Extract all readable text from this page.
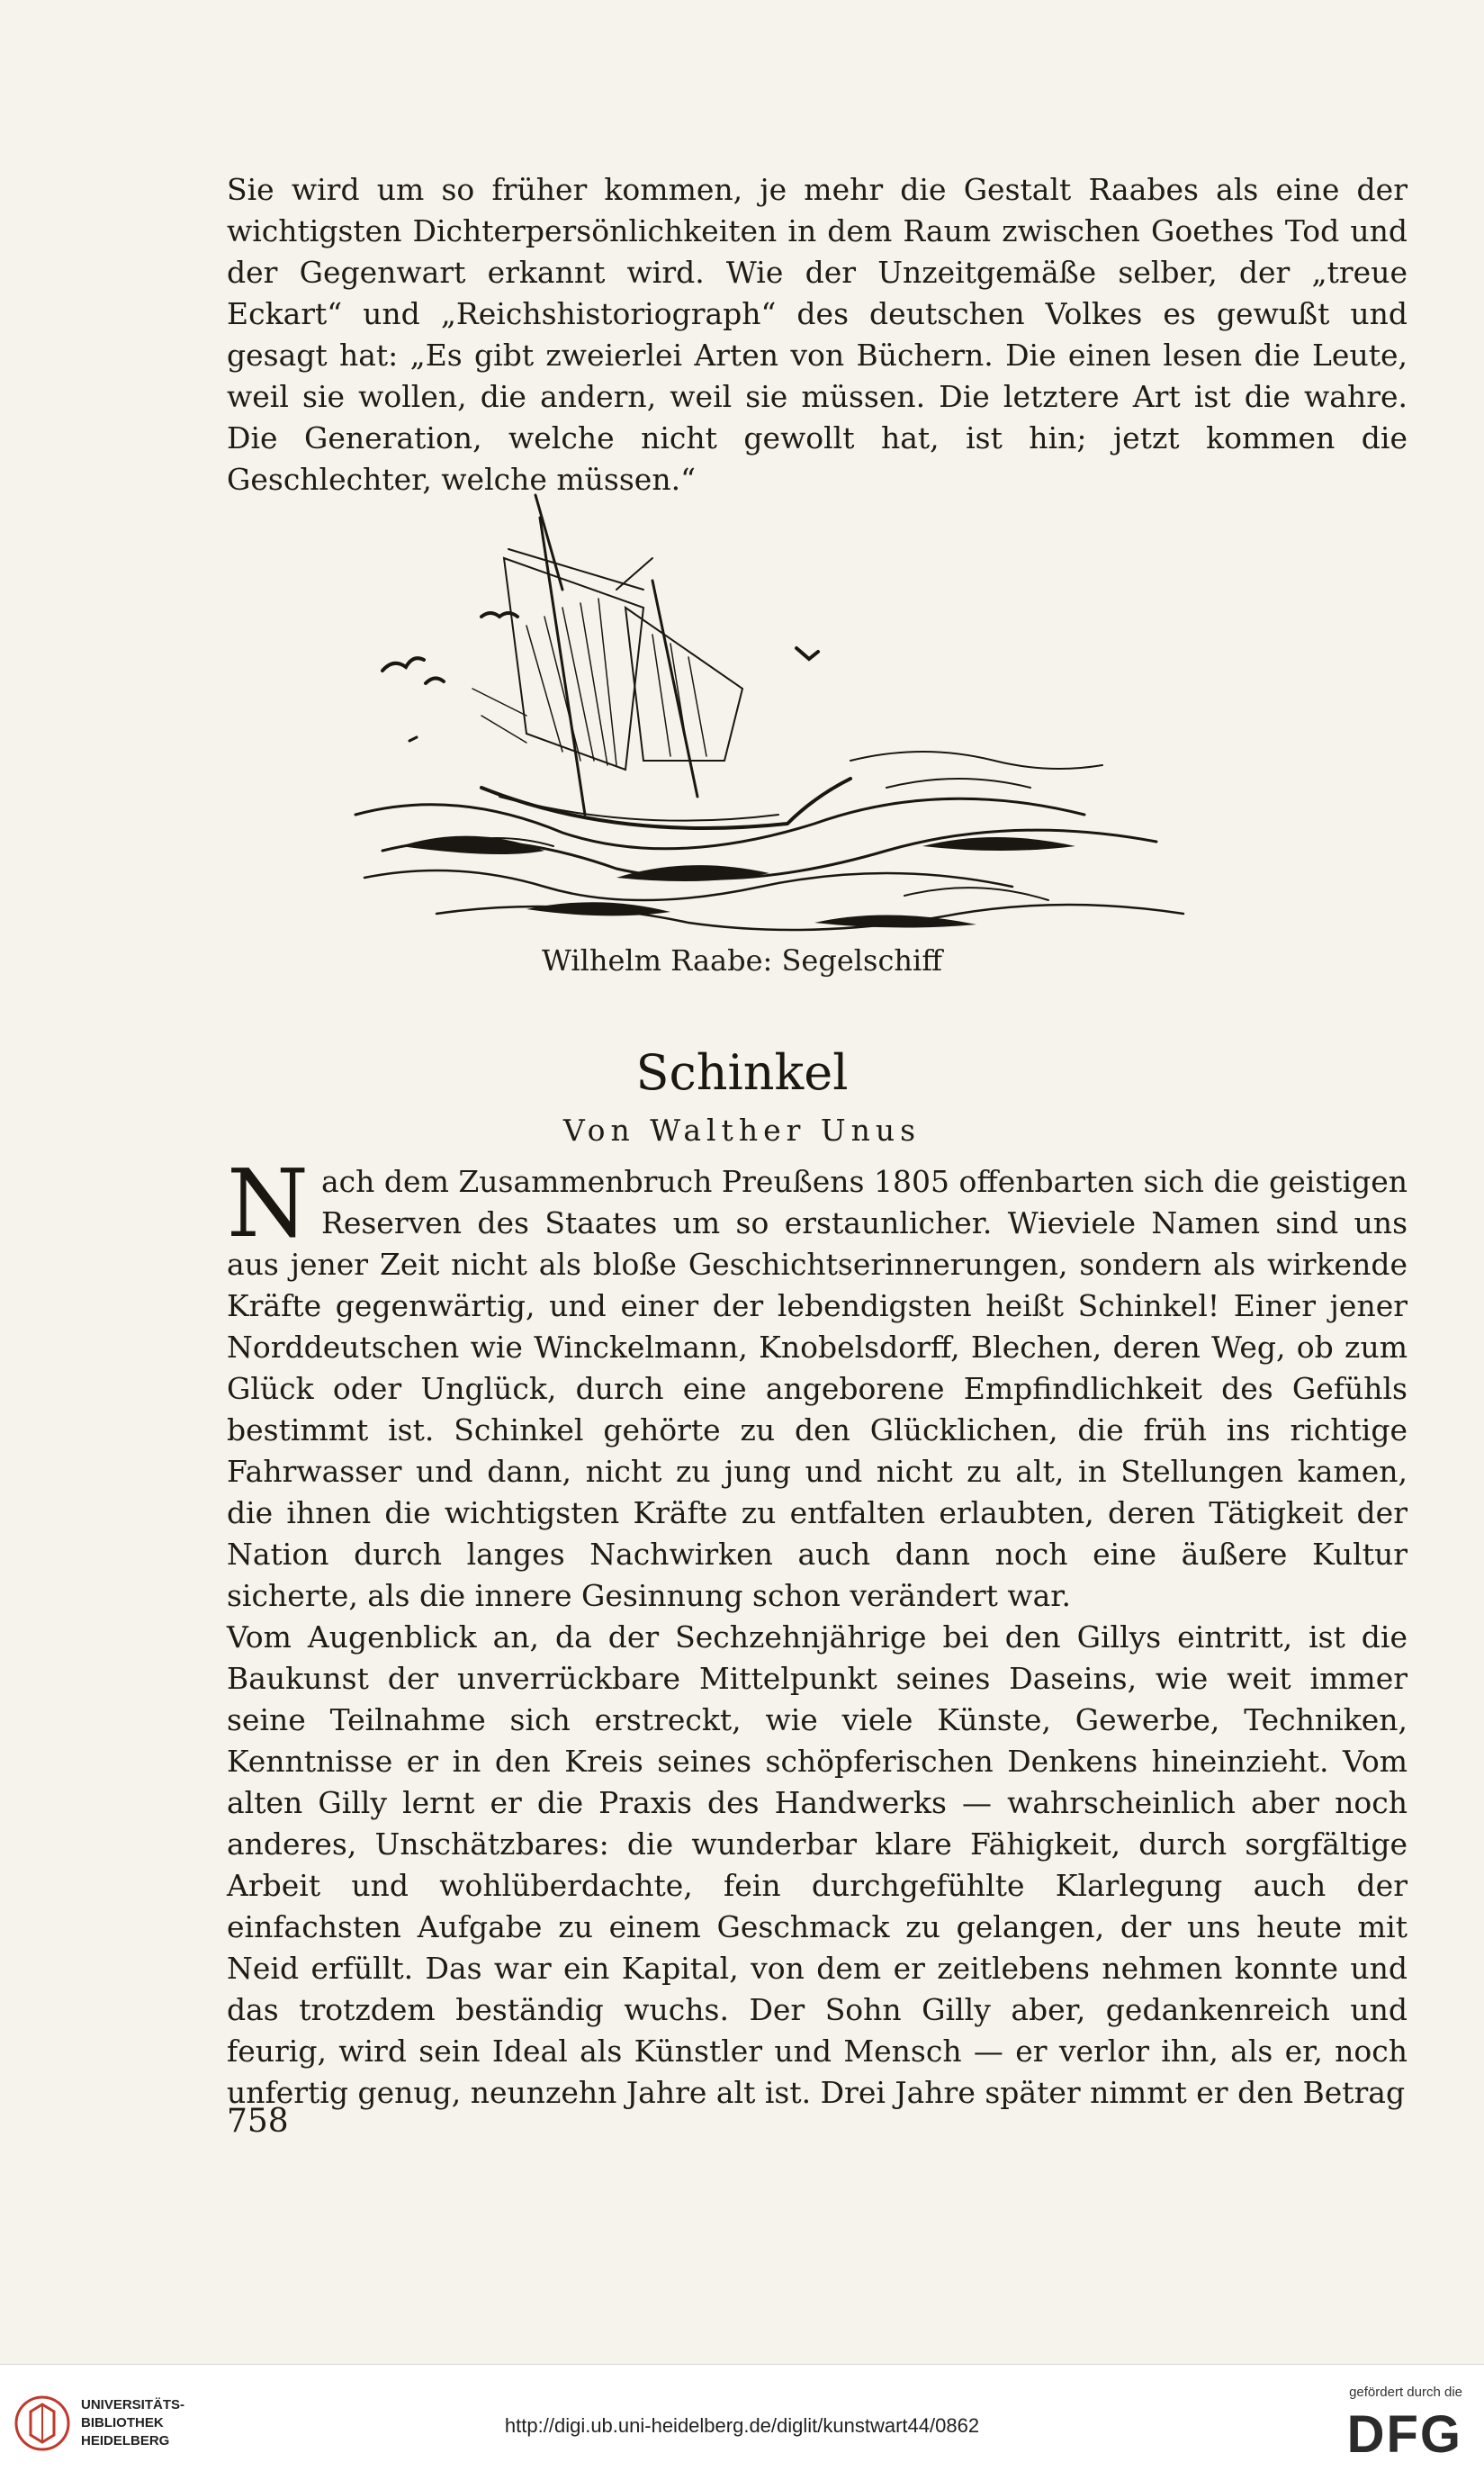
Sie wird um so früher kommen, je mehr die Gestalt Raabes als eine der wichtigsten Dichterpersönlichkeiten in dem Raum zwischen Goethes Tod und der Gegenwart erkannt wird. Wie der Unzeitgemäße selber, der „treue Eckart“ und „Reichshistoriograph“ des deutschen Volkes es gewußt und gesagt hat: „Es gibt zweierlei Arten von Büchern. Die einen lesen die Leute, weil sie wollen, die andern, weil sie müssen. Die letztere Art ist die wahre. Die Generation, welche nicht gewollt hat, ist hin; jetzt kommen die Geschlechter, welche müssen.“

Wilhelm Raabe: Segelschiff
Schinkel
Von Walther Unus

Nach dem Zusammenbruch Preußens 1805 offenbarten sich die geistigen Reserven des Staates um so erstaunlicher. Wieviele Namen sind uns aus jener Zeit nicht als bloße Geschichtserinnerungen, sondern als wirkende Kräfte gegenwärtig, und einer der lebendigsten heißt Schinkel! Einer jener Norddeutschen wie Winckelmann, Knobelsdorff, Blechen, deren Weg, ob zum Glück oder Unglück, durch eine angeborene Empfindlichkeit des Gefühls bestimmt ist. Schinkel gehörte zu den Glücklichen, die früh ins richtige Fahrwasser und dann, nicht zu jung und nicht zu alt, in Stellungen kamen, die ihnen die wichtigsten Kräfte zu entfalten erlaubten, deren Tätigkeit der Nation durch langes Nachwirken auch dann noch eine äußere Kultur sicherte, als die innere Gesinnung schon verändert war.

Vom Augenblick an, da der Sechzehnjährige bei den Gillys eintritt, ist die Baukunst der unverrückbare Mittelpunkt seines Daseins, wie weit immer seine Teilnahme sich erstreckt, wie viele Künste, Gewerbe, Techniken, Kenntnisse er in den Kreis seines schöpferischen Denkens hineinzieht. Vom alten Gilly lernt er die Praxis des Handwerks — wahrscheinlich aber noch anderes, Unschätzbares: die wunderbar klare Fähigkeit, durch sorgfältige Arbeit und wohlüberdachte, fein durchgefühlte Klarlegung auch der einfachsten Aufgabe zu einem Geschmack zu gelangen, der uns heute mit Neid erfüllt. Das war ein Kapital, von dem er zeitlebens nehmen konnte und das trotzdem beständig wuchs. Der Sohn Gilly aber, gedankenreich und feurig, wird sein Ideal als Künstler und Mensch — er verlor ihn, als er, noch unfertig genug, neunzehn Jahre alt ist. Drei Jahre später nimmt er den Betrag

758
UNIVERSITÄTS-
BIBLIOTHEK
HEIDELBERG
http://digi.ub.uni-heidelberg.de/diglit/kunstwart44/0862
gefördert durch die
DFG
